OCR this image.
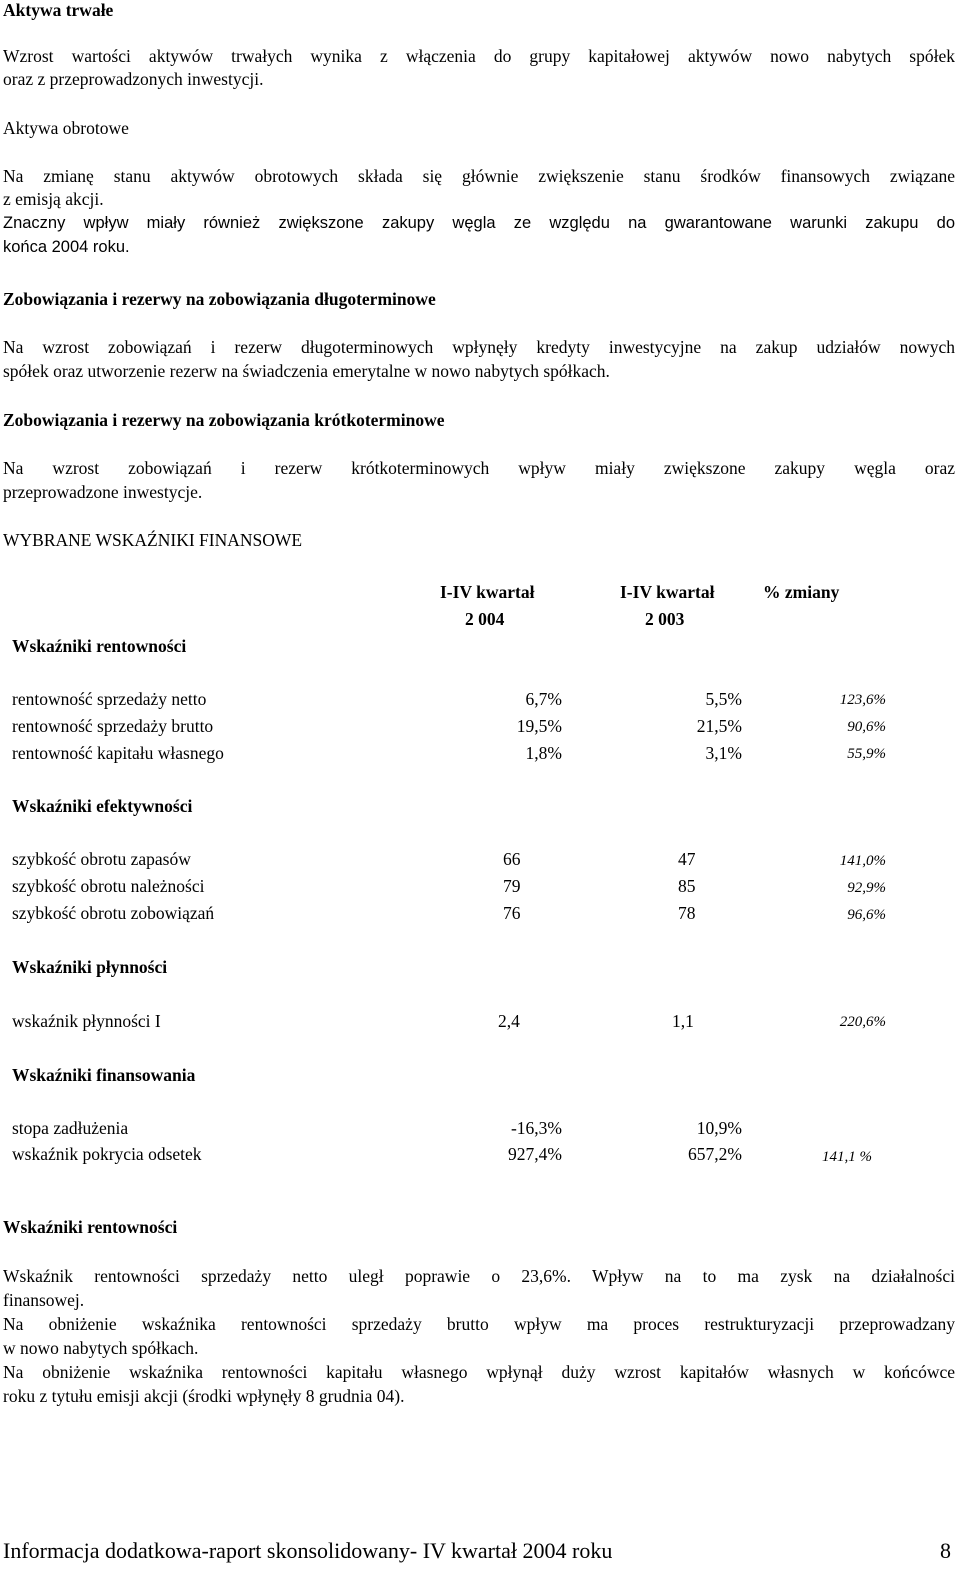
Aktywa trwałe
Wzrost wartości aktywów trwałych wynika z włączenia do grupy kapitałowej aktywów nowo nabytych spółek
oraz z przeprowadzonych inwestycji.
Aktywa obrotowe
Na zmianę stanu aktywów obrotowych składa się głównie zwiększenie stanu środków finansowych związane
z emisją akcji.
Znaczny wpływ miały również zwiększone zakupy węgla ze względu na gwarantowane warunki zakupu do
końca 2004 roku.
Zobowiązania i rezerwy na zobowiązania długoterminowe
Na wzrost zobowiązań i rezerw długoterminowych wpłynęły kredyty inwestycyjne na zakup udziałów nowych
spółek oraz utworzenie rezerw na świadczenia emerytalne w nowo nabytych spółkach.
Zobowiązania i rezerwy na zobowiązania krótkoterminowe
Na wzrost zobowiązań i rezerw krótkoterminowych wpływ miały zwiększone zakupy węgla oraz
przeprowadzone inwestycje.
WYBRANE WSKAŹNIKI FINANSOWE
I-IV kwartał
2 004
I-IV kwartał
2 003
% zmiany
Wskaźniki rentowności
rentowność sprzedaży netto	6,7%	5,5%	123,6%
rentowność sprzedaży brutto	19,5%	21,5%	90,6%
rentowność kapitału własnego	1,8%	3,1%	55,9%
Wskaźniki efektywności
szybkość obrotu zapasów	66	47	141,0%
szybkość obrotu należności	79	85	92,9%
szybkość obrotu zobowiązań	76	78	96,6%
Wskaźniki płynności
wskaźnik płynności I	2,4	1,1	220,6%
Wskaźniki finansowania
stopa zadłużenia	-16,3%	10,9%
wskaźnik pokrycia odsetek	927,4%	657,2%	141,1 %
Wskaźniki rentowności
Wskaźnik rentowności sprzedaży netto uległ poprawie o 23,6%. Wpływ na to ma zysk na działalności
finansowej.
Na obniżenie wskaźnika rentowności sprzedaży brutto wpływ ma proces restrukturyzacji przeprowadzany
w nowo nabytych spółkach.
Na obniżenie wskaźnika rentowności kapitału własnego wpłynął duży wzrost kapitałów własnych w końcówce
roku z tytułu emisji akcji (środki wpłynęły 8 grudnia 04).
Informacja dodatkowa-raport skonsolidowany- IV kwartał 2004 roku	8
